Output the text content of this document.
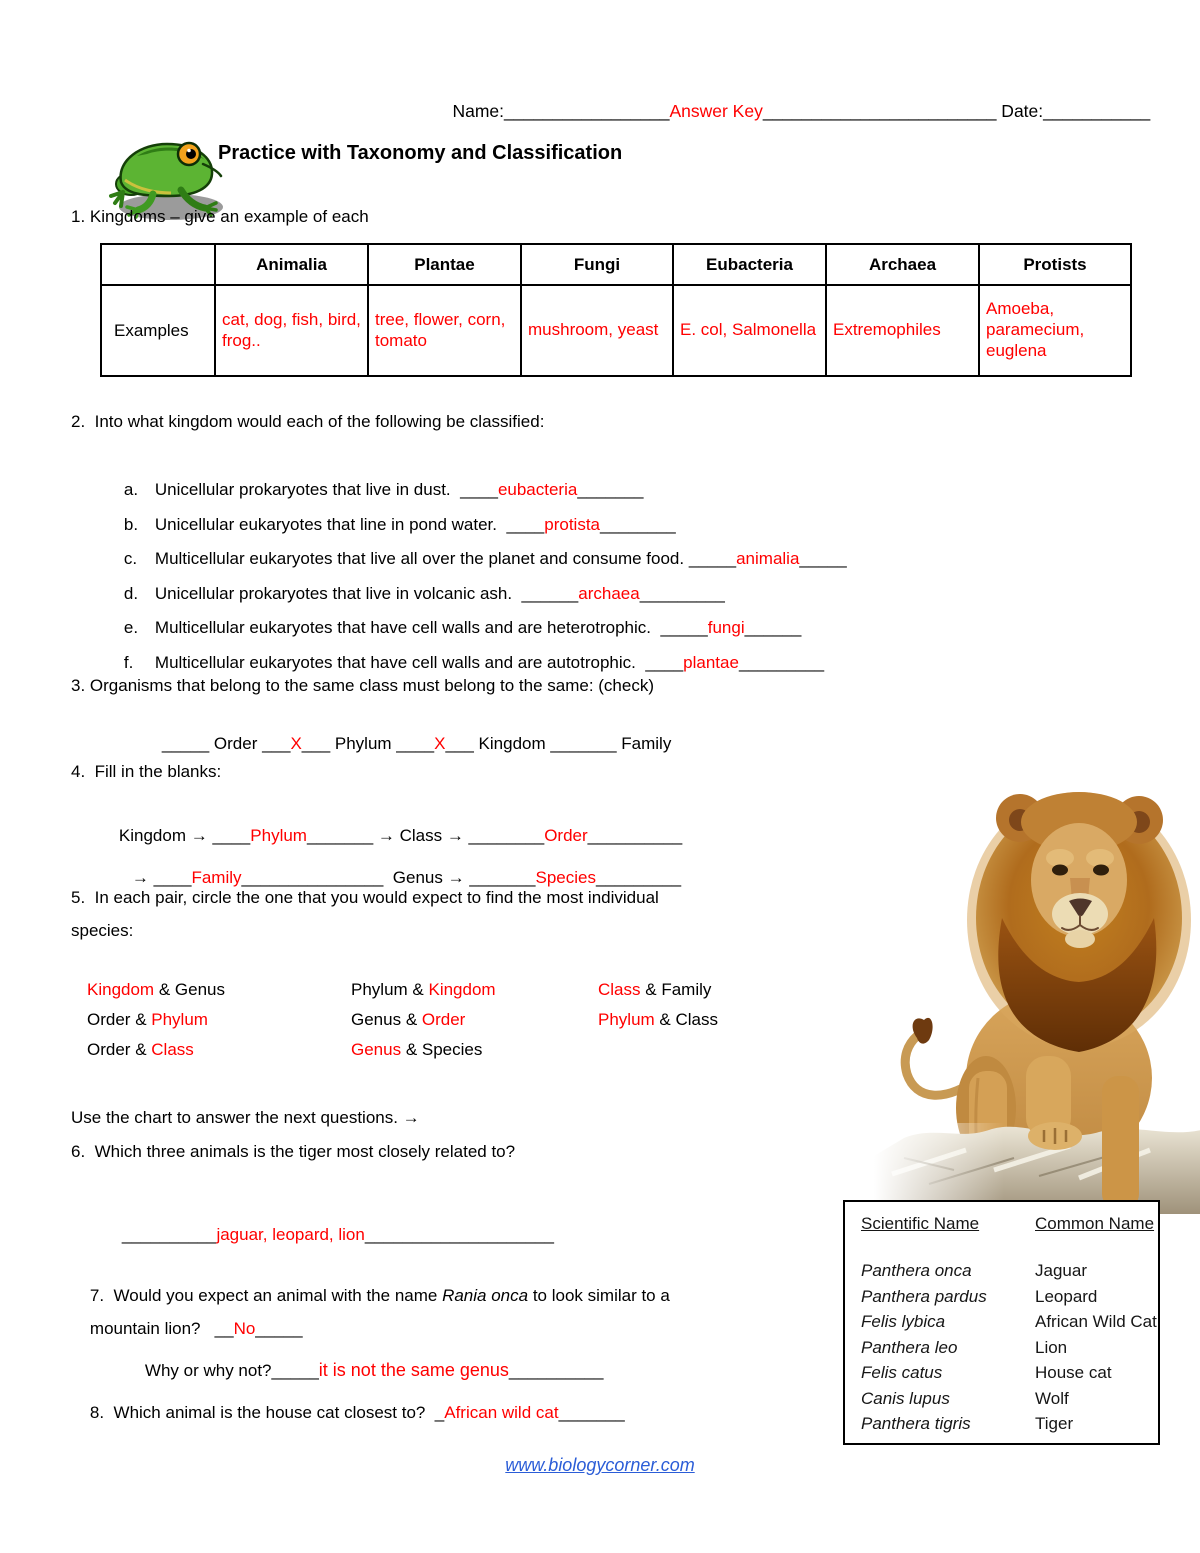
Name:_________________Answer Key________________________ Date:___________

Practice with Taxonomy and Classification
1. Kingdoms – give an example of each
	Animalia	Plantae	Fungi	Eubacteria	Archaea	Protists
Examples	cat, dog, fish, bird, frog..	tree, flower, corn, tomato	mushroom, yeast	E. col, Salmonella	Extremophiles	Amoeba, paramecium, euglena
2.  Into what kingdom would each of the following be classified:

a. Unicellular prokaryotes that live in dust.  ____eubacteria_______

b. Unicellular eukaryotes that line in pond water.  ____protista________

c. Multicellular eukaryotes that live all over the planet and consume food. _____animalia_____

d. Unicellular prokaryotes that live in volcanic ash.  ______archaea_________

e. Multicellular eukaryotes that have cell walls and are heterotrophic.  _____fungi______

f. Multicellular eukaryotes that have cell walls and are autotrophic.  ____plantae_________

3. Organisms that belong to the same class must belong to the same: (check)

_____ Order ___X___ Phylum ____X___ Kingdom _______ Family

4.  Fill in the blanks:

Kingdom → ____Phylum_______ → Class → ________Order__________

→ ____Family_______________  Genus → _______Species_________

5.  In each pair, circle the one that you would expect to find the most individual
species:
Kingdom & Genus	Phylum & Kingdom	Class & Family
Order & Phylum	Genus & Order	Phylum & Class
Order & Class	Genus & Species
Use the chart to answer the next questions. →
6.  Which three animals is the tiger most closely related to?

__________jaguar, leopard, lion____________________

7.  Would you expect an animal with the name Rania onca to look similar to a

mountain lion?   __No_____

Why or why not?_____it is not the same genus__________

8.  Which animal is the house cat closest to?  _African wild cat_______

Scientific Name	Common Name
Panthera onca	Jaguar
Panthera pardus	Leopard
Felis lybica	African Wild Cat
Panthera leo	Lion
Felis catus	House cat
Canis lupus	Wolf
Panthera tigris	Tiger
www.biologycorner.com
